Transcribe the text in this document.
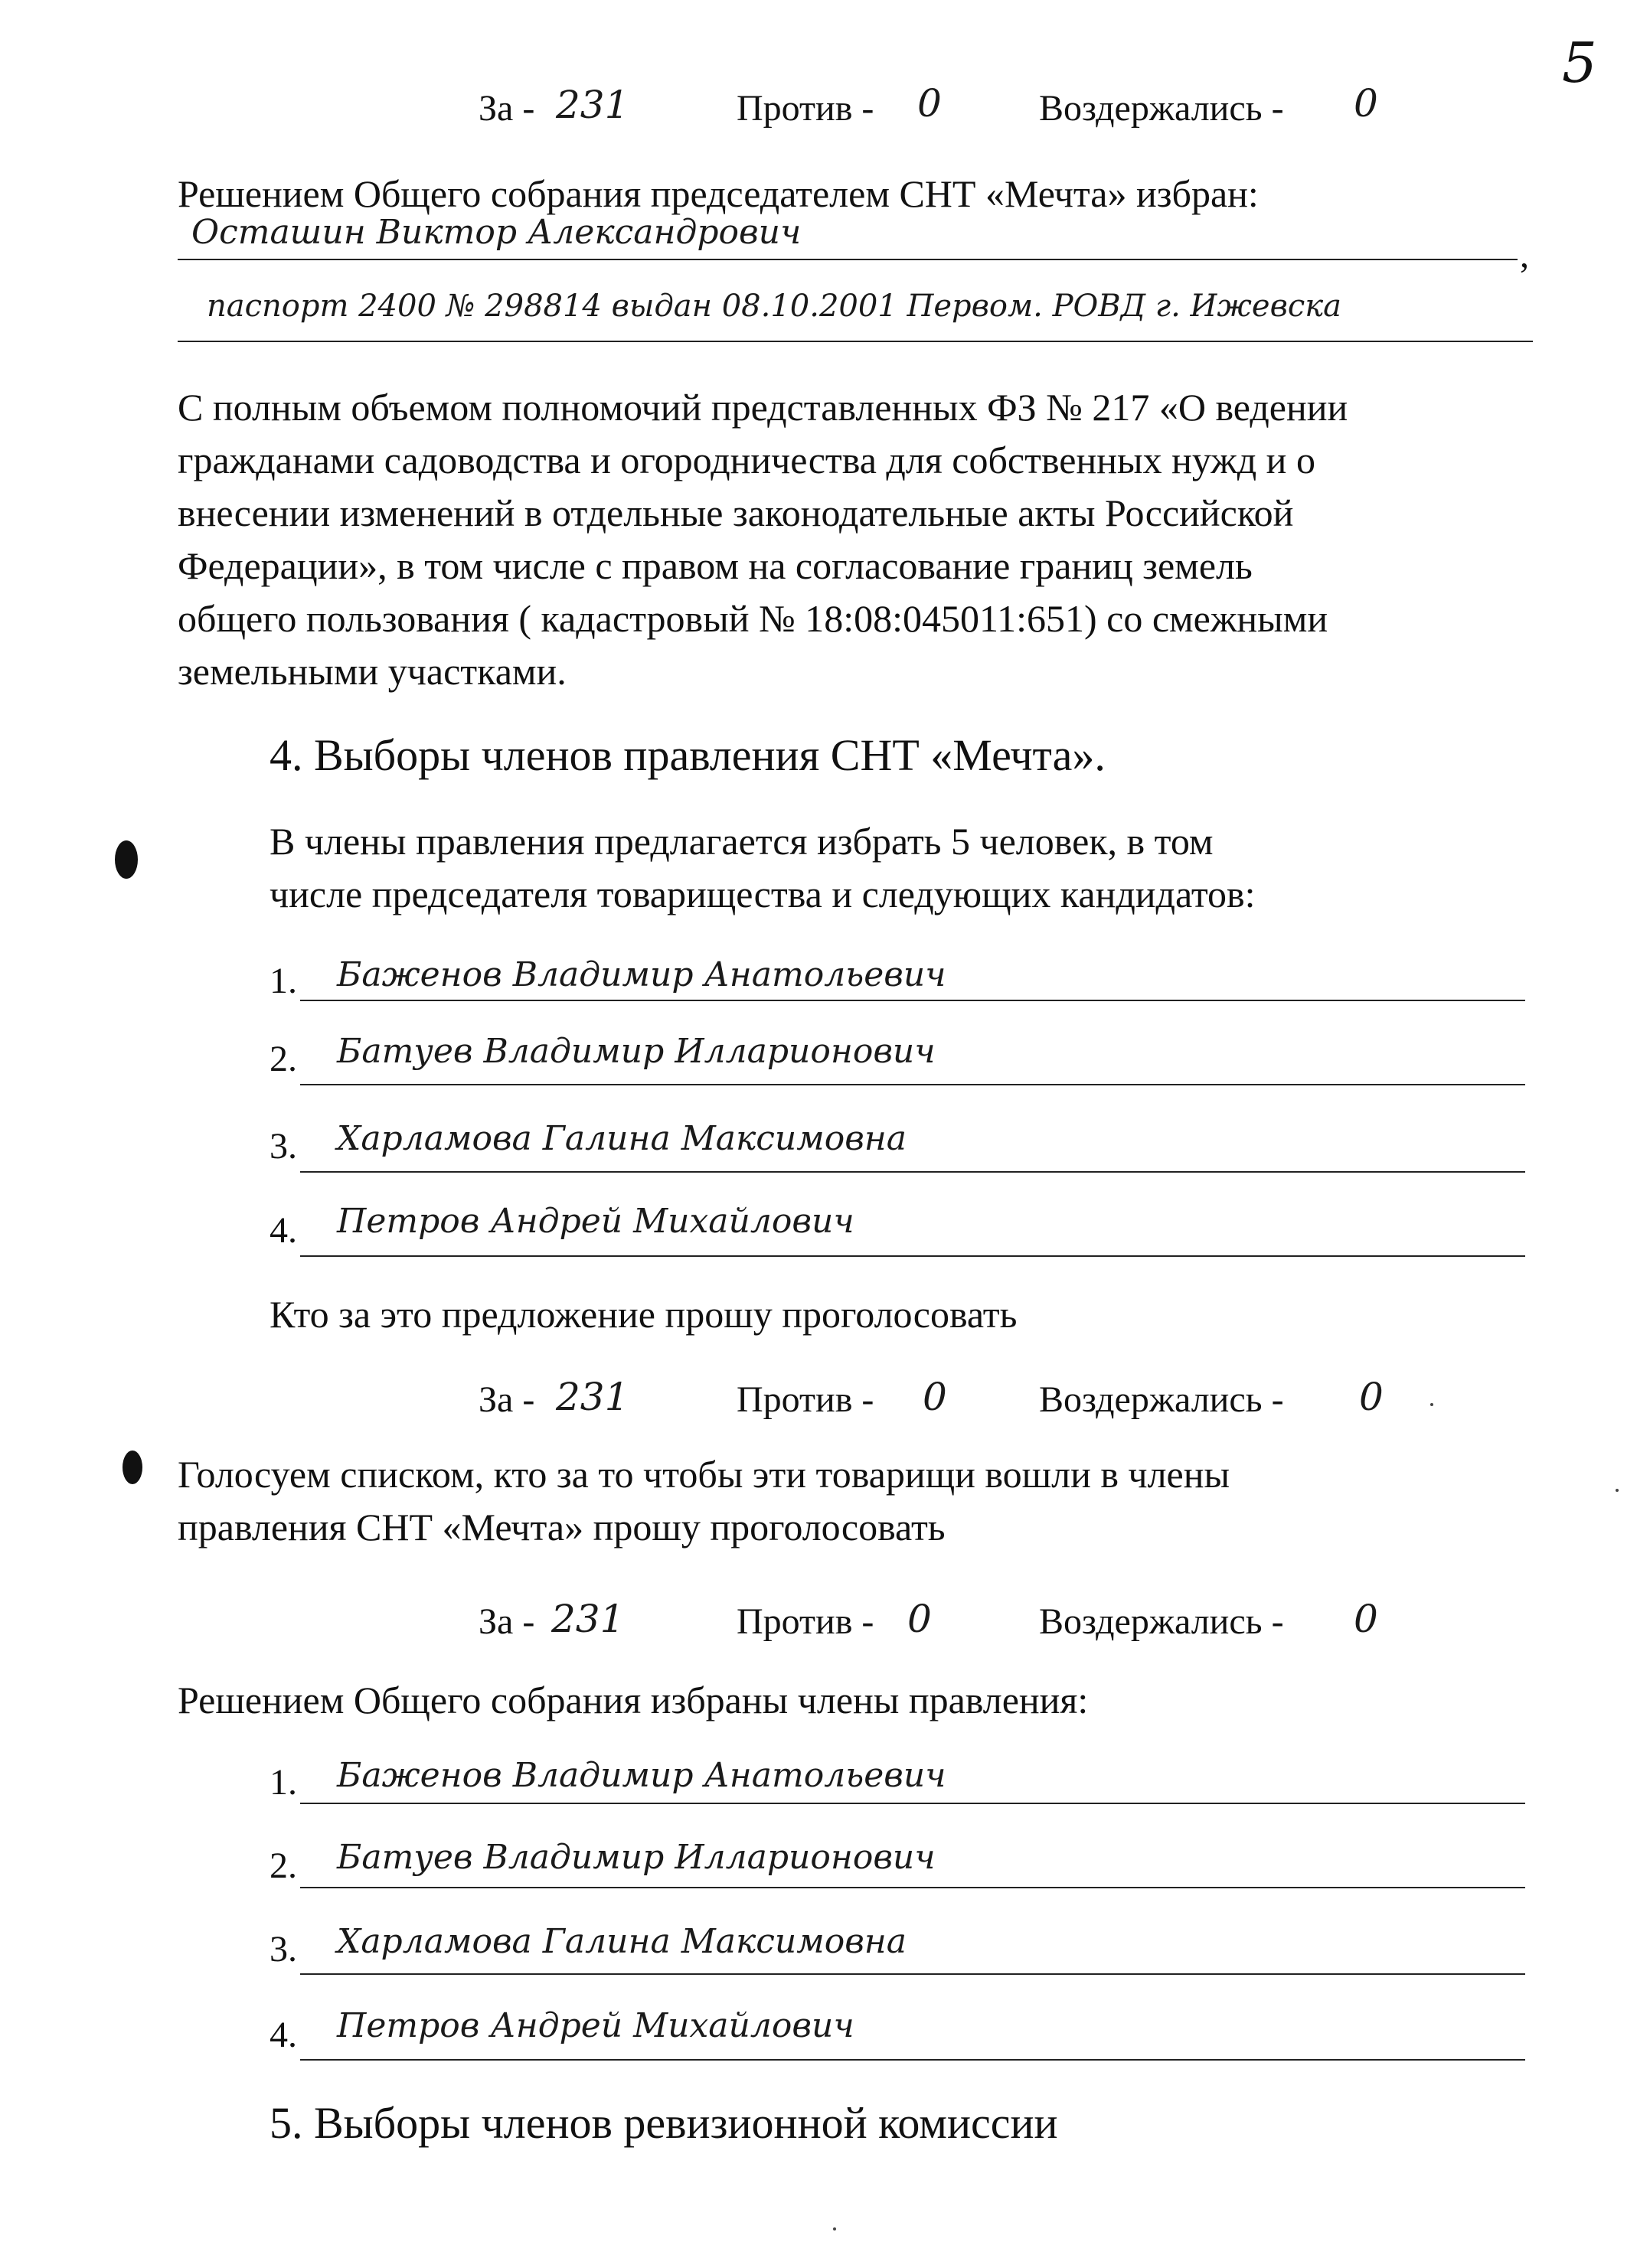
5
За - 231	Против - 0	Воздержались - 0
Решением Общего собрания председателем СНТ «Мечта» избран:
Осташин Виктор Александрович
,
паспорт 2400 № 298814 выдан 08.10.2001 Первом. РОВД г. Ижевска
С полным объемом полномочий представленных ФЗ № 217 «О ведении
гражданами садоводства и огородничества для собственных нужд и о
внесении изменений в отдельные законодательные акты Российской
Федерации», в том числе с правом на согласование границ земель
общего пользования ( кадастровый № 18:08:045011:651) со смежными
земельными участками.
4. Выборы членов правления СНТ «Мечта».
В члены правления предлагается избрать 5 человек, в том
числе председателя товарищества и следующих кандидатов:
1. Баженов Владимир Анатольевич
2. Батуев Владимир Илларионович
3. Харламова Галина Максимовна
4. Петров Андрей Михайлович
Кто за это предложение прошу проголосовать
За - 231	Против - 0	Воздержались - 0
Голосуем списком, кто за то чтобы эти товарищи вошли в члены
правления СНТ «Мечта» прошу проголосовать
За - 231	Против - 0	Воздержались - 0
Решением Общего собрания избраны члены правления:
1. Баженов Владимир Анатольевич
2. Батуев Владимир Илларионович
3. Харламова Галина Максимовна
4. Петров Андрей Михайлович
5. Выборы членов ревизионной комиссии
